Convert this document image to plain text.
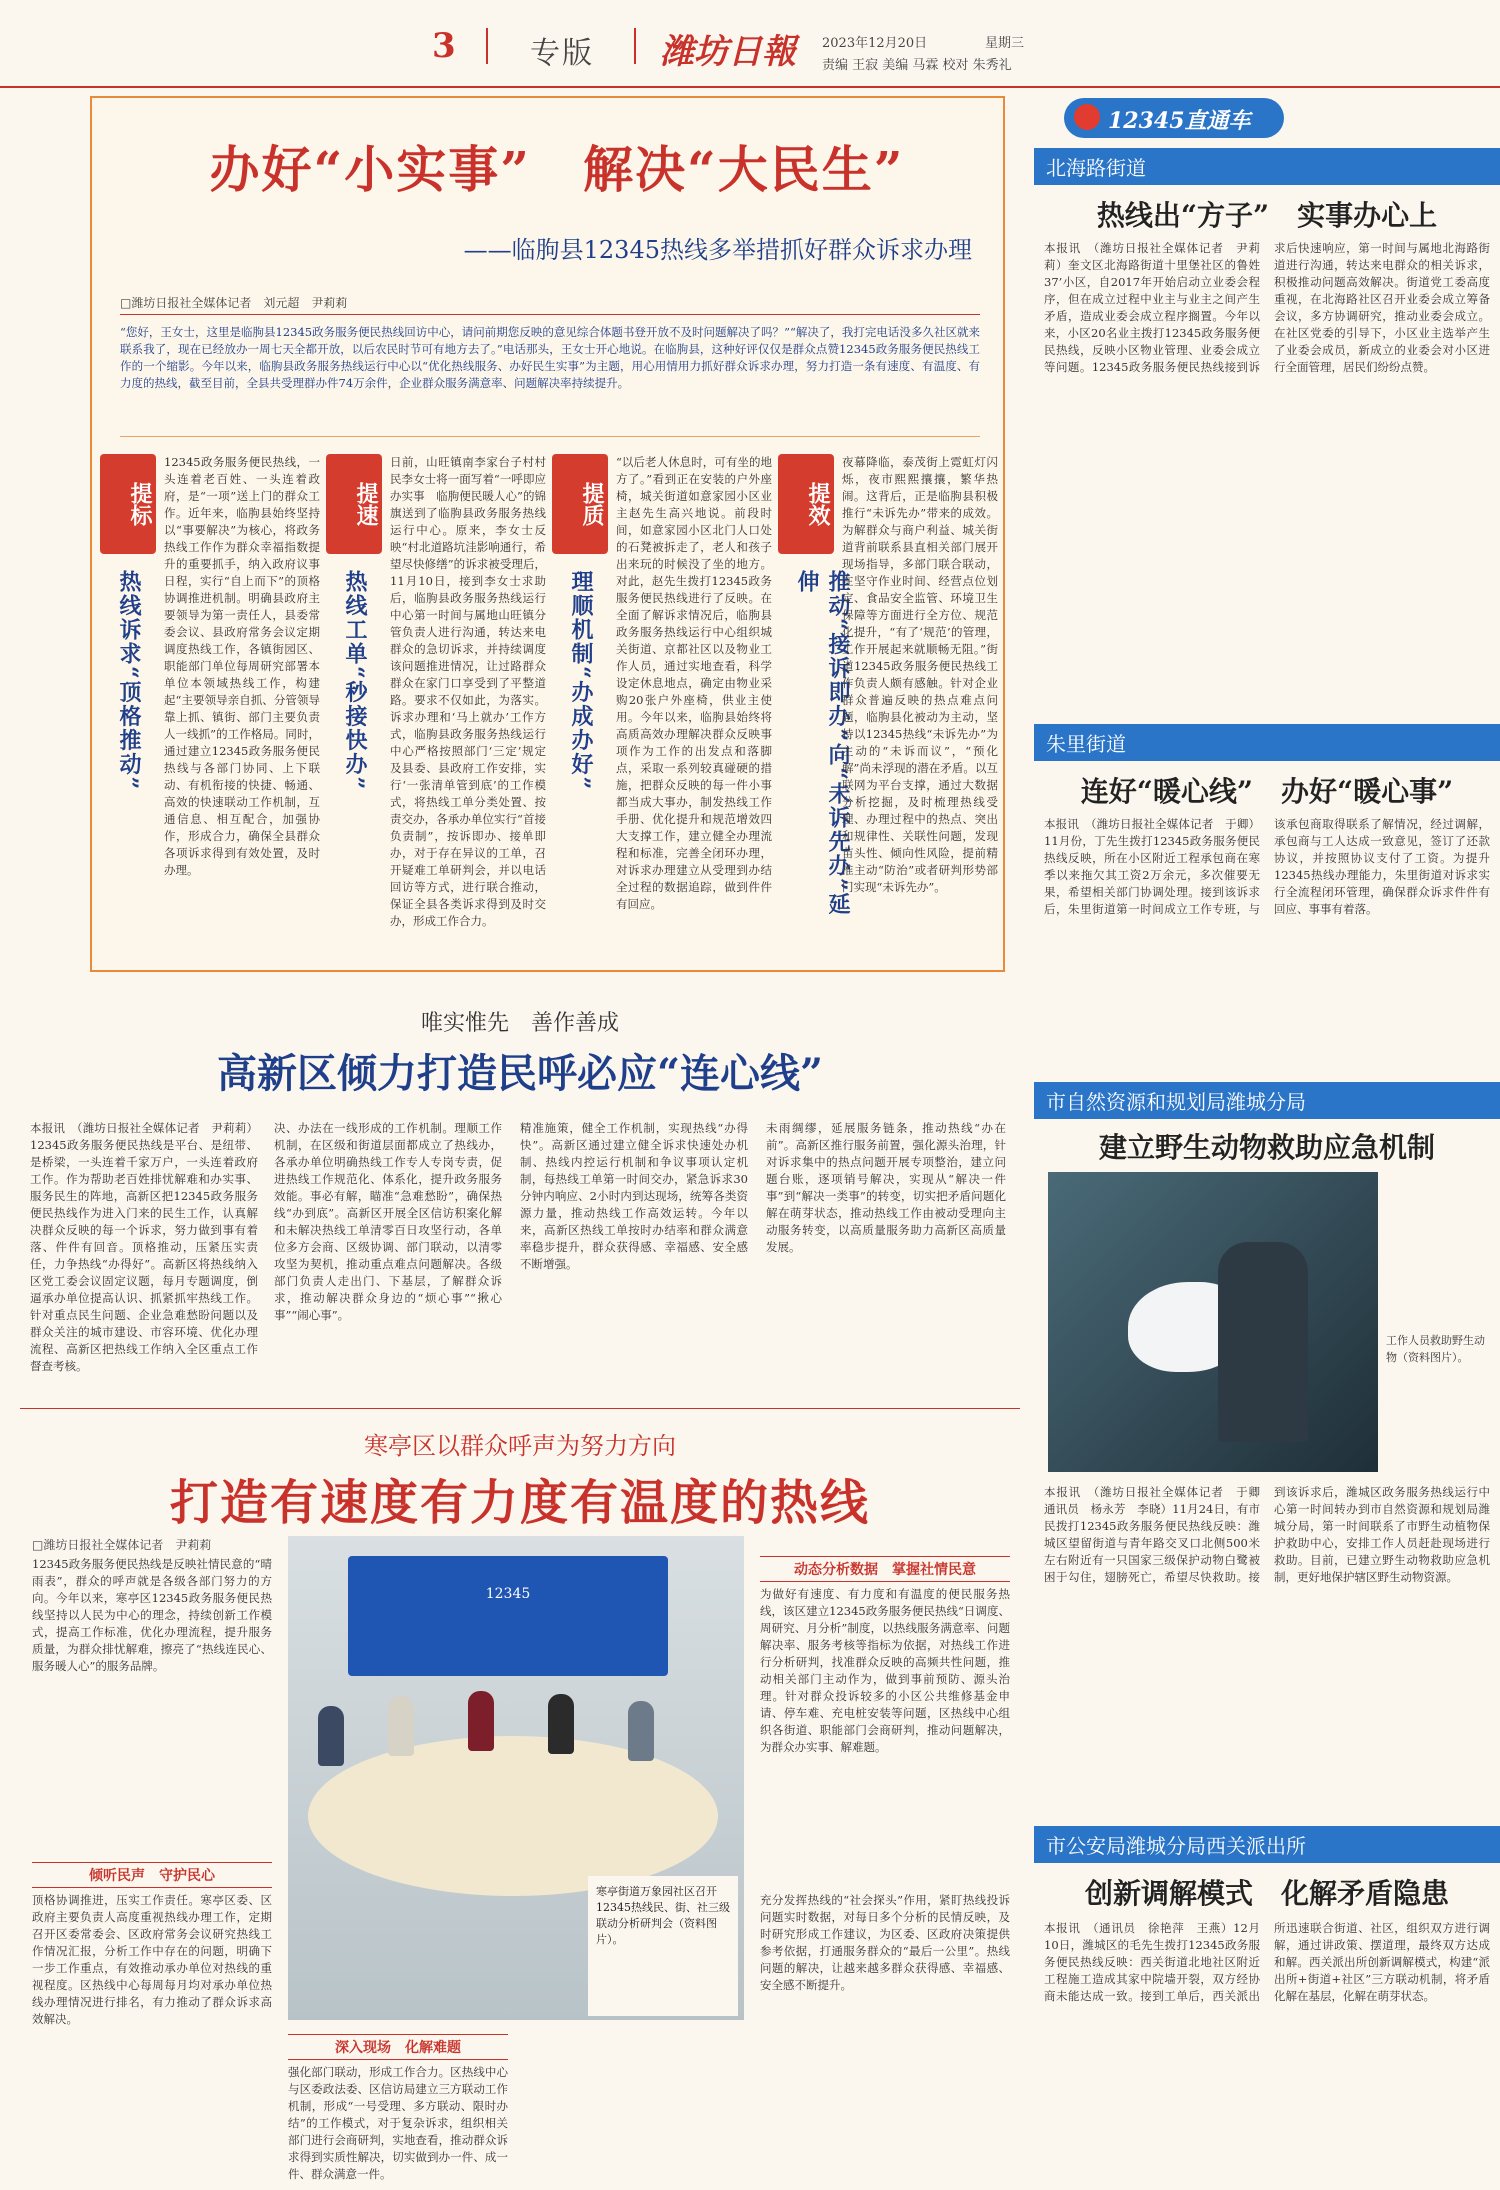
3 专版 潍坊日報 2023年12月20日	星期三
责编 王寂 美编 马霖 校对 朱秀礼
办好“小实事”　解决“大民生”
——临朐县12345热线多举措抓好群众诉求办理
□潍坊日报社全媒体记者　刘元超　尹莉莉
“您好，王女士，这里是临朐县12345政务服务便民热线回访中心，请问前期您反映的意见综合体题书登开放不及时问题解决了吗？”“解决了，我打完电话没多久社区就来联系我了，现在已经放办一周七天全都开放，以后农民时节可有地方去了。”电话那头，王女士开心地说。在临朐县，这种好评仅仅是群众点赞12345政务服务便民热线工作的一个缩影。今年以来，临朐县政务服务热线运行中心以“优化热线服务、办好民生实事”为主题，用心用情用力抓好群众诉求办理，努力打造一条有速度、有温度、有力度的热线，截至目前，全县共受理群办件74万余件，企业群众服务满意率、问题解决率持续提升。
提标
热线诉求“顶格推动”
12345政务服务便民热线，一头连着老百姓、一头连着政府，是“一项”送上门的群众工作。近年来，临朐县始终坚持以“事要解决”为核心，将政务热线工作作为群众幸福指数提升的重要抓手，纳入政府议事日程，实行“自上而下”的顶格协调推进机制。明确县政府主要领导为第一责任人，县委常委会议、县政府常务会议定期调度热线工作，各镇街园区、职能部门单位每周研究部署本单位本领域热线工作，构建起“主要领导亲自抓、分管领导靠上抓、镇街、部门主要负责人一线抓”的工作格局。同时，通过建立12345政务服务便民热线与各部门协同、上下联动、有机衔接的快捷、畅通、高效的快速联动工作机制，互通信息、相互配合，加强协作，形成合力，确保全县群众各项诉求得到有效处置，及时办理。
提速
热线工单“秒接快办”
日前，山旺镇南李家台子村村民李女士将一面写着“一呼即应办实事　临朐便民暖人心”的锦旗送到了临朐县政务服务热线运行中心。原来，李女士反映“村北道路坑洼影响通行，希望尽快修缮”的诉求被受理后，11月10日，接到李女士求助后，临朐县政务服务热线运行中心第一时间与属地山旺镇分管负责人进行沟通，转达来电群众的急切诉求，并持续调度该问题推进情况，让过路群众群众在家门口享受到了平整道路。要求不仅如此，为落实。诉求办理和‘马上就办’工作方式，临朐县政务服务热线运行中心严格按照部门‘三定’规定及县委、县政府工作安排，实行‘一张清单管到底’的工作模式，将热线工单分类处置、按责交办，各承办单位实行“首接负责制”，按诉即办、接单即办，对于存在异议的工单，召开疑难工单研判会，并以电话回访等方式，进行联合推动，保证全县各类诉求得到及时交办，形成工作合力。
提质
理顺机制“办成办好”
“以后老人休息时，可有坐的地方了。”看到正在安装的户外座椅，城关街道如意家园小区业主赵先生高兴地说。前段时间，如意家园小区北门人口处的石凳被拆走了，老人和孩子出来玩的时候没了坐的地方。对此，赵先生拨打12345政务服务便民热线进行了反映。在全面了解诉求情况后，临朐县政务服务热线运行中心组织城关街道、京都社区以及物业工作人员，通过实地查看，科学设定休息地点，确定由物业采购20张户外座椅，供业主使用。今年以来，临朐县始终将高质高效办理解决群众反映事项作为工作的出发点和落脚点，采取一系列较真碰硬的措施，把群众反映的每一件小事都当成大事办，制发热线工作手册、优化提升和规范增效四大支撑工作，建立健全办理流程和标准，完善全闭环办理，对诉求办理建立从受理到办结全过程的数据追踪，做到件件有回应。
提效
推动“接诉即办”向“未诉先办”延伸
夜幕降临，泰茂街上霓虹灯闪烁，夜市熙熙攘攘，繁华热闹。这背后，正是临朐县积极推行“未诉先办”带来的成效。为解群众与商户利益、城关街道背前联系县直相关部门展开现场指导，多部门联合联动，在坚守作业时间、经营点位划定、食品安全监管、环境卫生保障等方面进行全方位、规范化提升，“有了‘规范’的管理，工作开展起来就顺畅无阻。”街道12345政务服务便民热线工作负责人颇有感触。针对企业群众普遍反映的热点难点问题，临朐县化被动为主动，坚持以12345热线“未诉先办”为主动的“未诉而议”，“预化解”尚未浮现的潜在矛盾。以互联网为平台支撑，通过大数据分析挖掘，及时梳理热线受理、办理过程中的热点、突出和规律性、关联性问题，发现苗头性、倾向性风险，提前精准主动“防治”或者研判形势部门实现“未诉先办”。
唯实惟先　善作善成
高新区倾力打造民呼必应“连心线”
本报讯　（潍坊日报社全媒体记者　尹莉莉）12345政务服务便民热线是平台、是纽带、是桥梁，一头连着千家万户，一头连着政府工作。作为帮助老百姓排忧解难和办实事、服务民生的阵地，高新区把12345政务服务便民热线作为进入门来的民生工作，认真解决群众反映的每一个诉求，努力做到事有着落、件件有回音。顶格推动，压紧压实责任，力争热线“办得好”。高新区将热线纳入区党工委会议固定议题，每月专题调度，倒逼承办单位提高认识、抓紧抓牢热线工作。针对重点民生问题、企业急难愁盼问题以及群众关注的城市建设、市容环境、优化办理流程、高新区把热线工作纳入全区重点工作督查考核。
决、办法在一线形成的工作机制。理顺工作机制，在区级和街道层面都成立了热线办，各承办单位明确热线工作专人专岗专责，促进热线工作规范化、体系化，提升政务服务效能。事必有解，瞄准“急难愁盼”，确保热线“办到底”。高新区开展全区信访积案化解和未解决热线工单清零百日攻坚行动，各单位多方会商、区级协调、部门联动，以清零攻坚为契机，推动重点难点问题解决。各级部门负责人走出门、下基层，了解群众诉求，推动解决群众身边的“烦心事”“揪心事”“闹心事”。
精准施策，健全工作机制，实现热线“办得快”。高新区通过建立健全诉求快速处办机制、热线内控运行机制和争议事项认定机制，每热线工单第一时间交办，紧急诉求30分钟内响应、2小时内到达现场，统筹各类资源力量，推动热线工作高效运转。今年以来，高新区热线工单按时办结率和群众满意率稳步提升，群众获得感、幸福感、安全感不断增强。
未雨绸缪，延展服务链条，推动热线“办在前”。高新区推行服务前置，强化源头治理，针对诉求集中的热点问题开展专项整治，建立问题台账，逐项销号解决，实现从“解决一件事”到“解决一类事”的转变，切实把矛盾问题化解在萌芽状态，推动热线工作由被动受理向主动服务转变，以高质量服务助力高新区高质量发展。
寒亭区以群众呼声为努力方向
打造有速度有力度有温度的热线
□潍坊日报社全媒体记者　尹莉莉
12345政务服务便民热线是反映社情民意的“晴雨表”，群众的呼声就是各级各部门努力的方向。今年以来，寒亭区12345政务服务便民热线坚持以人民为中心的理念，持续创新工作模式，提高工作标准，优化办理流程，提升服务质量，为群众排忧解难，擦亮了“热线连民心、服务暖人心”的服务品牌。
倾听民声　守护民心
顶格协调推进，压实工作责任。寒亭区委、区政府主要负责人高度重视热线办理工作，定期召开区委常委会、区政府常务会议研究热线工作情况汇报，分析工作中存在的问题，明确下一步工作重点，有效推动承办单位对热线的重视程度。区热线中心每周每月均对承办单位热线办理情况进行排名，有力推动了群众诉求高效解决。
12345
寒亭街道万象园社区召开12345热线民、街、社三级联动分析研判会（资料图片）。
深入现场　化解难题
强化部门联动，形成工作合力。区热线中心与区委政法委、区信访局建立三方联动工作机制，形成“一号受理、多方联动、限时办结”的工作模式，对于复杂诉求，组织相关部门进行会商研判，实地查看，推动群众诉求得到实质性解决，切实做到办一件、成一件、群众满意一件。
动态分析数据　掌握社情民意
为做好有速度、有力度和有温度的便民服务热线，该区建立12345政务服务便民热线“日调度、周研究、月分析”制度，以热线服务满意率、问题解决率、服务考核等指标为依据，对热线工作进行分析研判，找准群众反映的高频共性问题，推动相关部门主动作为，做到事前预防、源头治理。针对群众投诉较多的小区公共维修基金申请、停车难、充电桩安装等问题，区热线中心组织各街道、职能部门会商研判，推动问题解决，为群众办实事、解难题。
充分发挥热线的“社会探头”作用，紧盯热线投诉问题实时数据，对每日多个分析的民情反映，及时研究形成工作建议，为区委、区政府决策提供参考依据，打通服务群众的“最后一公里”。热线问题的解决，让越来越多群众获得感、幸福感、安全感不断提升。
12345直通车
北海路街道
热线出“方子”　实事办心上
本报讯　（潍坊日报社全媒体记者　尹莉莉）奎文区北海路街道十里堡社区的鲁姓37’小区，自2017年开始启动立业委会程序，但在成立过程中业主与业主之间产生矛盾，造成业委会成立程序搁置。今年以来，小区20名业主拨打12345政务服务便民热线，反映小区物业管理、业委会成立等问题。12345政务服务便民热线接到诉求后快速响应，第一时间与属地北海路街道进行沟通，转达来电群众的相关诉求，积极推动问题高效解决。街道党工委高度重视，在北海路社区召开业委会成立筹备会议，多方协调研究，推动业委会成立。在社区党委的引导下，小区业主选举产生了业委会成员，新成立的业委会对小区进行全面管理，居民们纷纷点赞。
朱里街道
连好“暖心线”　办好“暖心事”
本报讯　（潍坊日报社全媒体记者　于卿）11月份，丁先生拨打12345政务服务便民热线反映，所在小区附近工程承包商在寒季以来拖欠其工资2万余元，多次催要无果，希望相关部门协调处理。接到该诉求后，朱里街道第一时间成立工作专班，与该承包商取得联系了解情况，经过调解，承包商与工人达成一致意见，签订了还款协议，并按照协议支付了工资。为提升12345热线办理能力，朱里街道对诉求实行全流程闭环管理，确保群众诉求件件有回应、事事有着落。
市自然资源和规划局潍城分局
建立野生动物救助应急机制
工作人员救助野生动物（资料图片）。
本报讯　（潍坊日报社全媒体记者　于卿　通讯员　杨永芳　李晓）11月24日，有市民拨打12345政务服务便民热线反映：潍城区望留街道与青年路交叉口北侧500米左右附近有一只国家三级保护动物白鹭被困于勾住，翅膀死亡，希望尽快救助。接到该诉求后，潍城区政务服务热线运行中心第一时间转办到市自然资源和规划局潍城分局，第一时间联系了市野生动植物保护救助中心，安排工作人员赶赴现场进行救助。目前，已建立野生动物救助应急机制，更好地保护辖区野生动物资源。
市公安局潍城分局西关派出所
创新调解模式　化解矛盾隐患
本报讯　（通讯员　徐艳萍　王燕）12月10日，潍城区的毛先生拨打12345政务服务便民热线反映：西关街道北地社区附近工程施工造成其家中院墙开裂，双方经协商未能达成一致。接到工单后，西关派出所迅速联合街道、社区，组织双方进行调解，通过讲政策、摆道理，最终双方达成和解。西关派出所创新调解模式，构建“派出所+街道+社区”三方联动机制，将矛盾化解在基层，化解在萌芽状态。
